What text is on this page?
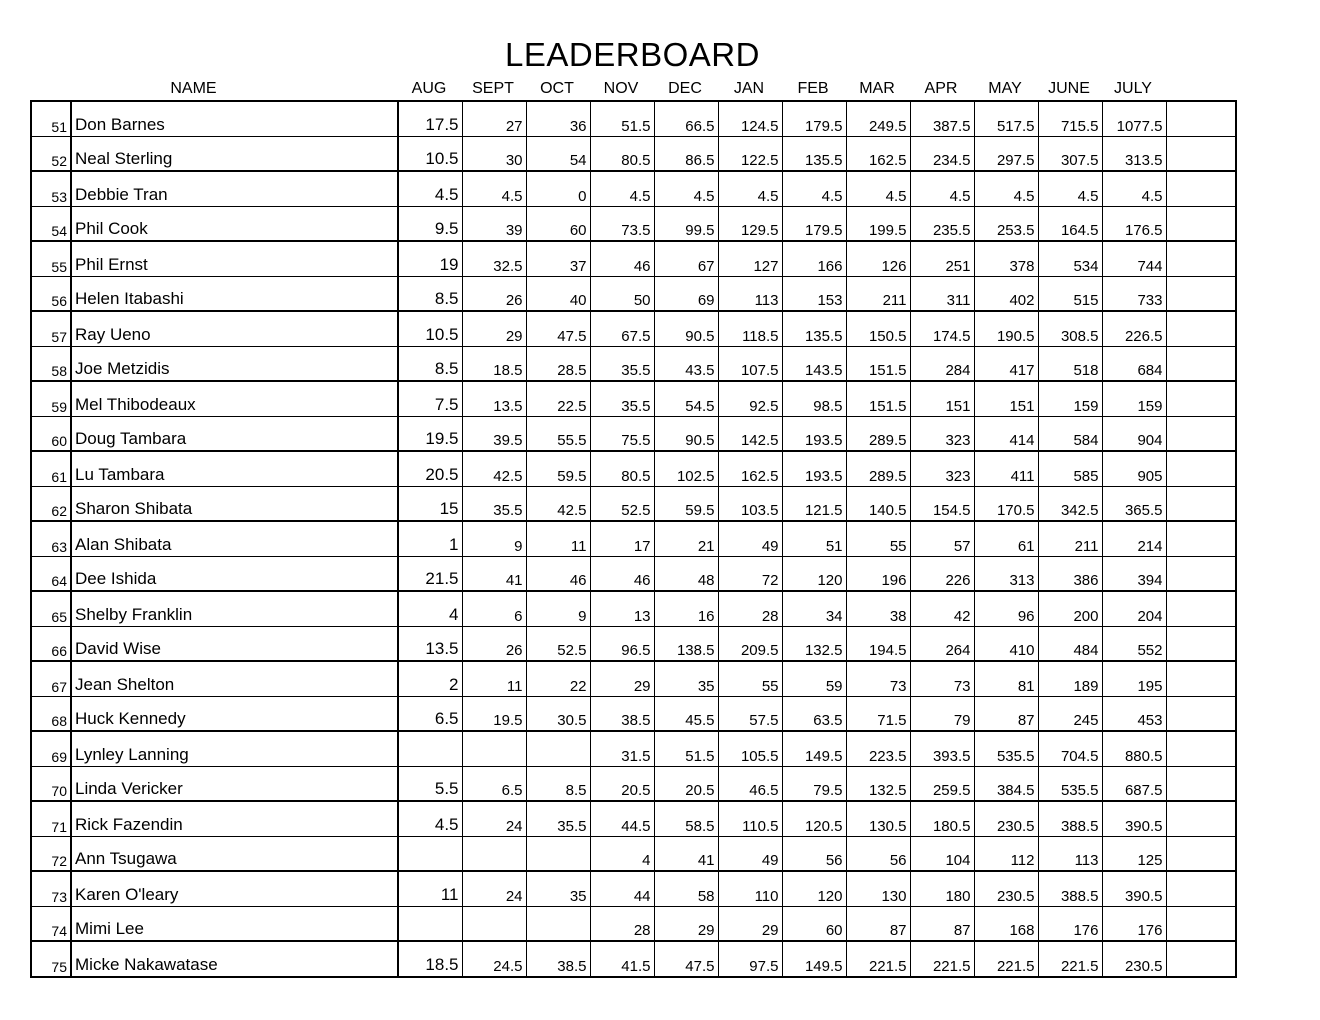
LEADERBOARD
NAME	AUG	SEPT	OCT	NOV	DEC	JAN	FEB	MAR	APR	MAY	JUNE	JULY
51	Don Barnes	17.5	27	36	51.5	66.5	124.5	179.5	249.5	387.5	517.5	715.5	1077.5	
52	Neal Sterling	10.5	30	54	80.5	86.5	122.5	135.5	162.5	234.5	297.5	307.5	313.5	
53	Debbie Tran	4.5	4.5	0	4.5	4.5	4.5	4.5	4.5	4.5	4.5	4.5	4.5	
54	Phil Cook	9.5	39	60	73.5	99.5	129.5	179.5	199.5	235.5	253.5	164.5	176.5	
55	Phil Ernst	19	32.5	37	46	67	127	166	126	251	378	534	744	
56	Helen Itabashi	8.5	26	40	50	69	113	153	211	311	402	515	733	
57	Ray Ueno	10.5	29	47.5	67.5	90.5	118.5	135.5	150.5	174.5	190.5	308.5	226.5	
58	Joe Metzidis	8.5	18.5	28.5	35.5	43.5	107.5	143.5	151.5	284	417	518	684	
59	Mel Thibodeaux	7.5	13.5	22.5	35.5	54.5	92.5	98.5	151.5	151	151	159	159	
60	Doug Tambara	19.5	39.5	55.5	75.5	90.5	142.5	193.5	289.5	323	414	584	904	
61	Lu Tambara	20.5	42.5	59.5	80.5	102.5	162.5	193.5	289.5	323	411	585	905	
62	Sharon Shibata	15	35.5	42.5	52.5	59.5	103.5	121.5	140.5	154.5	170.5	342.5	365.5	
63	Alan Shibata	1	9	11	17	21	49	51	55	57	61	211	214	
64	Dee Ishida	21.5	41	46	46	48	72	120	196	226	313	386	394	
65	Shelby Franklin	4	6	9	13	16	28	34	38	42	96	200	204	
66	David Wise	13.5	26	52.5	96.5	138.5	209.5	132.5	194.5	264	410	484	552	
67	Jean Shelton	2	11	22	29	35	55	59	73	73	81	189	195	
68	Huck Kennedy	6.5	19.5	30.5	38.5	45.5	57.5	63.5	71.5	79	87	245	453	
69	Lynley Lanning				31.5	51.5	105.5	149.5	223.5	393.5	535.5	704.5	880.5	
70	Linda Vericker	5.5	6.5	8.5	20.5	20.5	46.5	79.5	132.5	259.5	384.5	535.5	687.5	
71	Rick Fazendin	4.5	24	35.5	44.5	58.5	110.5	120.5	130.5	180.5	230.5	388.5	390.5	
72	Ann Tsugawa				4	41	49	56	56	104	112	113	125	
73	Karen O'leary	11	24	35	44	58	110	120	130	180	230.5	388.5	390.5	
74	Mimi Lee				28	29	29	60	87	87	168	176	176	
75	Micke Nakawatase	18.5	24.5	38.5	41.5	47.5	97.5	149.5	221.5	221.5	221.5	221.5	230.5	
